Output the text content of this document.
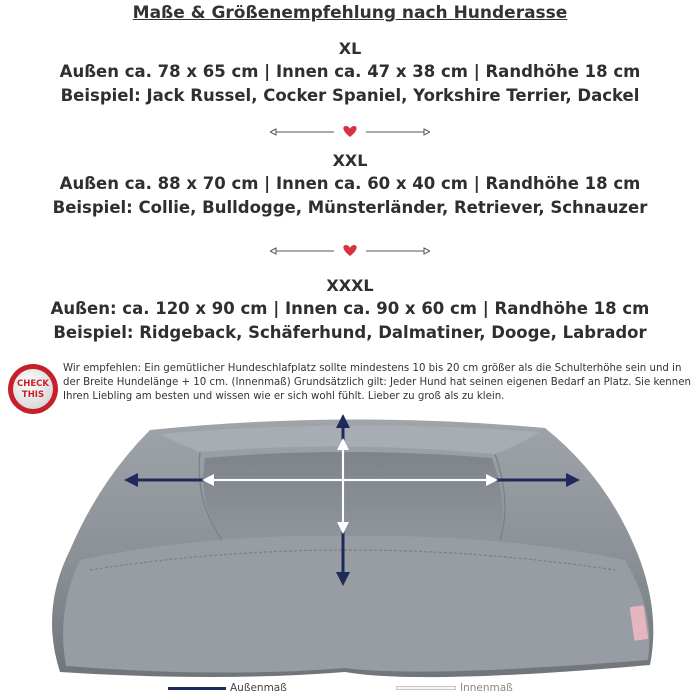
Maße & Größenempfehlung nach Hunderasse
XL
Außen ca. 78 x 65 cm | Innen ca. 47 x 38 cm | Randhöhe 18 cm
Beispiel: Jack Russel, Cocker Spaniel, Yorkshire Terrier, Dackel
XXL
Außen ca. 88 x 70 cm | Innen ca. 60 x 40 cm | Randhöhe 18 cm
Beispiel: Collie, Bulldogge, Münsterländer, Retriever, Schnauzer
XXXL
Außen: ca. 120 x 90 cm | Innen ca. 90 x 60 cm | Randhöhe 18 cm
Beispiel: Ridgeback, Schäferhund, Dalmatiner, Dooge, Labrador
CHECK
THIS
Wir empfehlen: Ein gemütlicher Hundeschlafplatz sollte mindestens 10 bis 20 cm größer als die Schulterhöhe sein und in der Breite Hundelänge + 10 cm. (Innenmaß) Grundsätzlich gilt: Jeder Hund hat seinen eigenen Bedarf an Platz. Sie kennen Ihren Liebling am besten und wissen wie er sich wohl fühlt. Lieber zu groß als zu klein.
Außenmaß	Innenmaß
